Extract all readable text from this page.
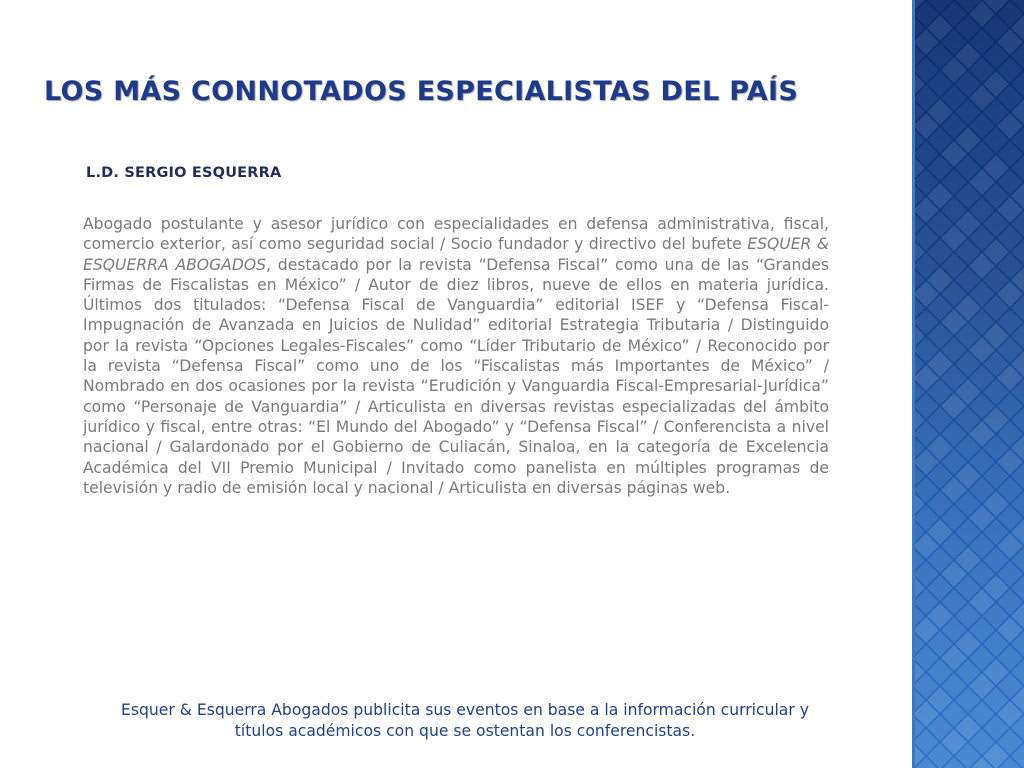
LOS MÁS CONNOTADOS ESPECIALISTAS DEL PAÍS
L.D. SERGIO ESQUERRA

Abogado postulante y asesor jurídico con especialidades en defensa administrativa, fiscal, comercio exterior, así como seguridad social / Socio fundador y directivo del bufete ESQUER & ESQUERRA ABOGADOS, destacado por la revista “Defensa Fiscal” como una de las “Grandes Firmas de Fiscalistas en México” / Autor de diez libros, nueve de ellos en materia jurídica. Últimos dos titulados: “Defensa Fiscal de Vanguardia” editorial ISEF y “Defensa Fiscal-Impugnación de Avanzada en Juicios de Nulidad” editorial Estrategia Tributaria / Distinguido por la revista “Opciones Legales-Fiscales” como “Líder Tributario de México” / Reconocido por la revista “Defensa Fiscal” como uno de los “Fiscalistas más Importantes de México” / Nombrado en dos ocasiones por la revista “Erudición y Vanguardia Fiscal-Empresarial-Jurídica” como “Personaje de Vanguardia” / Articulista en diversas revistas especializadas del ámbito jurídico y fiscal, entre otras: “El Mundo del Abogado” y “Defensa Fiscal” / Conferencista a nivel nacional / Galardonado por el Gobierno de Culiacán, Sinaloa, en la categoría de Excelencia Académica del VII Premio Municipal / Invitado como panelista en múltiples programas de televisión y radio de emisión local y nacional / Articulista en diversas páginas web.

Esquer & Esquerra Abogados publicita sus eventos en base a la información curricular y títulos académicos con que se ostentan los conferencistas.
